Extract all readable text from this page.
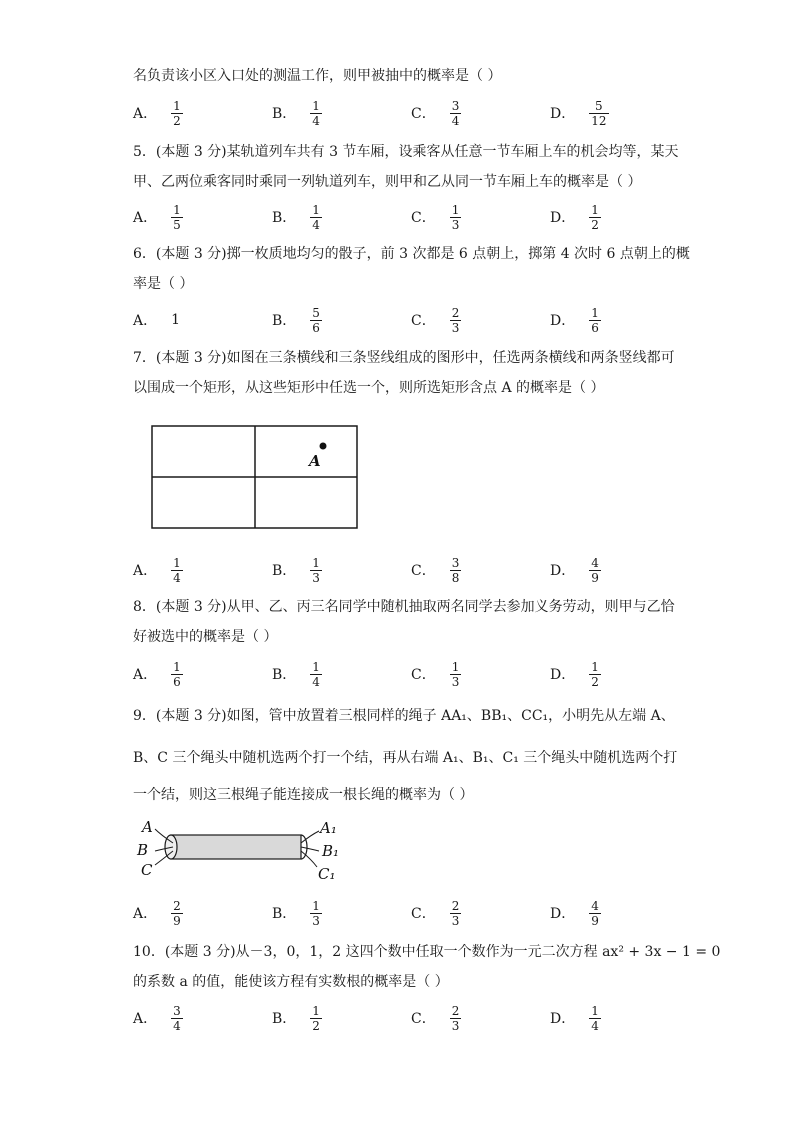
名负责该小区入口处的测温工作，则甲被抽中的概率是（ ）
A． $\frac{1}{2}$	B． $\frac{1}{4}$	C． $\frac{3}{4}$	D． $\frac{5}{12}$
5．(本题 3 分)某轨道列车共有 3 节车厢，设乘客从任意一节车厢上车的机会均等，某天
甲、乙两位乘客同时乘同一列轨道列车，则甲和乙从同一节车厢上车的概率是（ ）
A． $\frac{1}{5}$	B． $\frac{1}{4}$	C． $\frac{1}{3}$	D． $\frac{1}{2}$
6．(本题 3 分)掷一枚质地均匀的骰子，前 3 次都是 6 点朝上，掷第 4 次时 6 点朝上的概
率是（ ）
A． 1	B． $\frac{5}{6}$	C． $\frac{2}{3}$	D． $\frac{1}{6}$
7．(本题 3 分)如图在三条横线和三条竖线组成的图形中，任选两条横线和两条竖线都可
以围成一个矩形，从这些矩形中任选一个，则所选矩形含点 A 的概率是（ ）
A
A． $\frac{1}{4}$	B． $\frac{1}{3}$	C． $\frac{3}{8}$	D． $\frac{4}{9}$
8．(本题 3 分)从甲、乙、丙三名同学中随机抽取两名同学去参加义务劳动，则甲与乙恰
好被选中的概率是（ ）
A． $\frac{1}{6}$	B． $\frac{1}{4}$	C． $\frac{1}{3}$	D． $\frac{1}{2}$
9．(本题 3 分)如图，管中放置着三根同样的绳子 AA₁、BB₁、CC₁，小明先从左端 A、
B、C 三个绳头中随机选两个打一个结，再从右端 A₁、B₁、C₁ 三个绳头中随机选两个打
一个结，则这三根绳子能连接成一根长绳的概率为（ ）
A
B
C
A₁
B₁
C₁
A． $\frac{2}{9}$	B． $\frac{1}{3}$	C． $\frac{2}{3}$	D． $\frac{4}{9}$
10．(本题 3 分)从－3，0，1，2 这四个数中任取一个数作为一元二次方程 ax² + 3x − 1 = 0
的系数 a 的值，能使该方程有实数根的概率是（ ）
A． $\frac{3}{4}$	B． $\frac{1}{2}$	C． $\frac{2}{3}$	D． $\frac{1}{4}$
